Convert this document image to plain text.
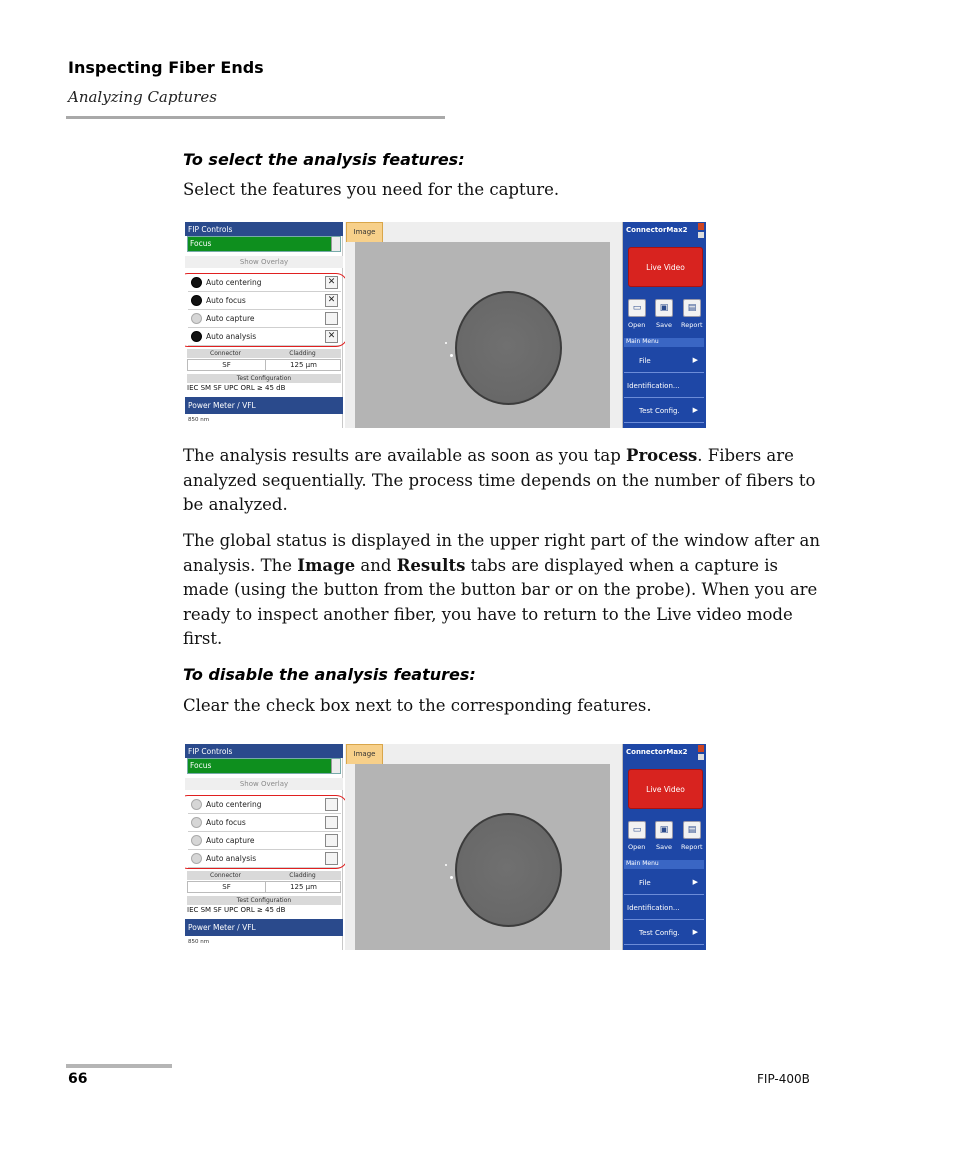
Inspecting Fiber Ends
Analyzing Captures
To select the analysis features:
Select the features you need for the capture.
FIP Controls
Focus
Show Overlay
Auto centering	✕
Auto focus	✕
Auto capture
Auto analysis	✕
Connector	Cladding
SF	125 µm
Test Configuration
IEC SM SF UPC ORL ≥ 45 dB
Power Meter / VFL
850 nm
Image	ConnectorMax2
Live Video
▭	▣	▤
Open Save Report
Main Menu
File	▶
Identification...
Test Config. ▶
The analysis results are available as soon as you tap Process. Fibers are analyzed sequentially. The process time depends on the number of fibers to be analyzed.
The global status is displayed in the upper right part of the window after an analysis. The Image and Results tabs are displayed when a capture is made (using the button from the button bar or on the probe). When you are ready to inspect another fiber, you have to return to the Live video mode first.
To disable the analysis features:
Clear the check box next to the corresponding features.
FIP Controls
Focus
Show Overlay
Auto centering
Auto focus
Auto capture
Auto analysis
Connector	Cladding
SF	125 µm
Test Configuration
IEC SM SF UPC ORL ≥ 45 dB
Power Meter / VFL
850 nm
Image	ConnectorMax2
Live Video
▭	▣	▤
Open Save Report
Main Menu
File	▶
Identification...
Test Config. ▶
66	FIP-400B
